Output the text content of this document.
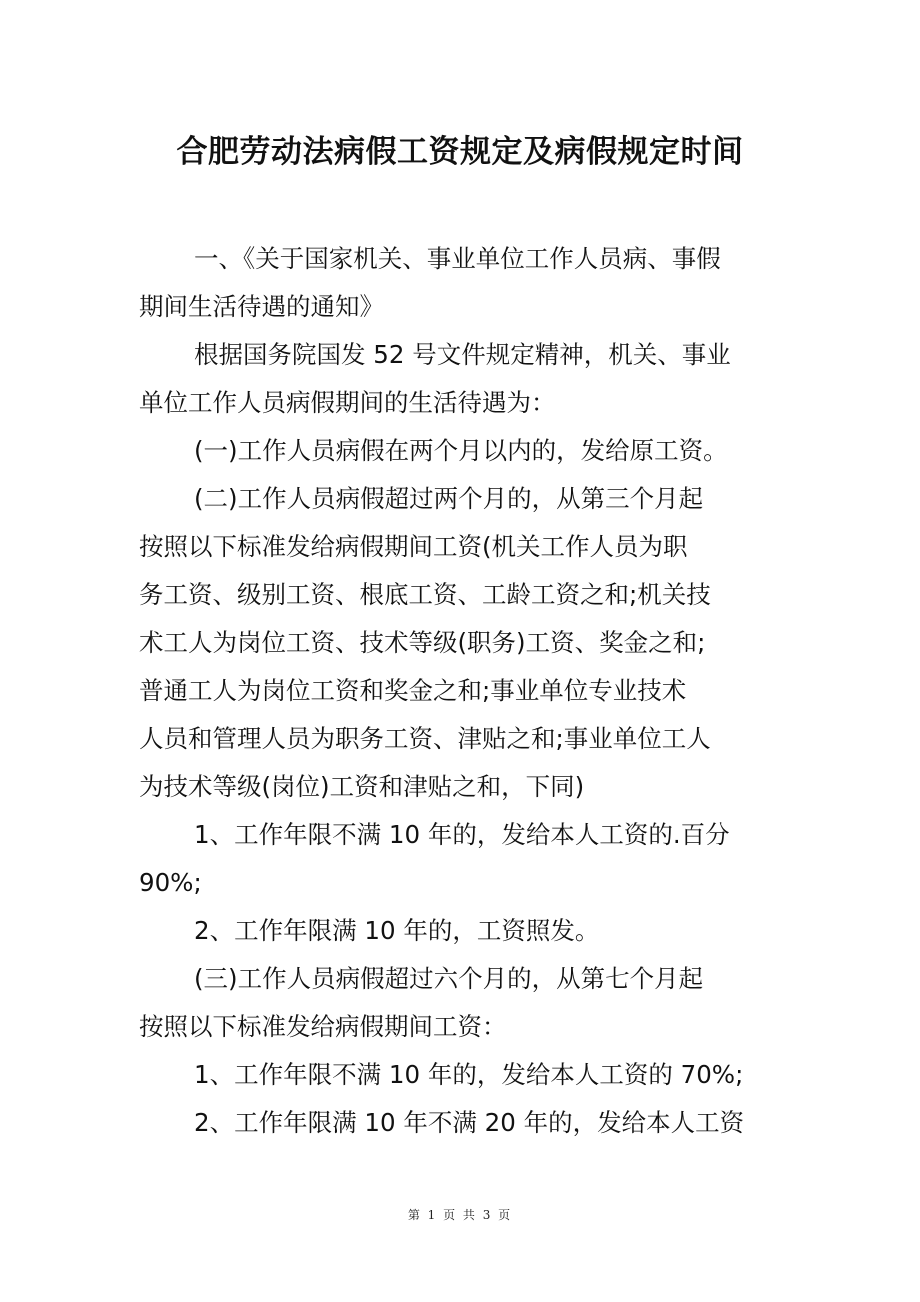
合肥劳动法病假工资规定及病假规定时间
一、《关于国家机关、事业单位工作人员病、事假
期间生活待遇的通知》
根据国务院国发 52 号文件规定精神，机关、事业
单位工作人员病假期间的生活待遇为：
(一)工作人员病假在两个月以内的，发给原工资。
(二)工作人员病假超过两个月的，从第三个月起
按照以下标准发给病假期间工资(机关工作人员为职
务工资、级别工资、根底工资、工龄工资之和;机关技
术工人为岗位工资、技术等级(职务)工资、奖金之和;
普通工人为岗位工资和奖金之和;事业单位专业技术
人员和管理人员为职务工资、津贴之和;事业单位工人
为技术等级(岗位)工资和津贴之和，下同)
1、工作年限不满 10 年的，发给本人工资的.百分
90%;
2、工作年限满 10 年的，工资照发。
(三)工作人员病假超过六个月的，从第七个月起
按照以下标准发给病假期间工资：
1、工作年限不满 10 年的，发给本人工资的 70%;
2、工作年限满 10 年不满 20 年的，发给本人工资
第 1 页 共 3 页
